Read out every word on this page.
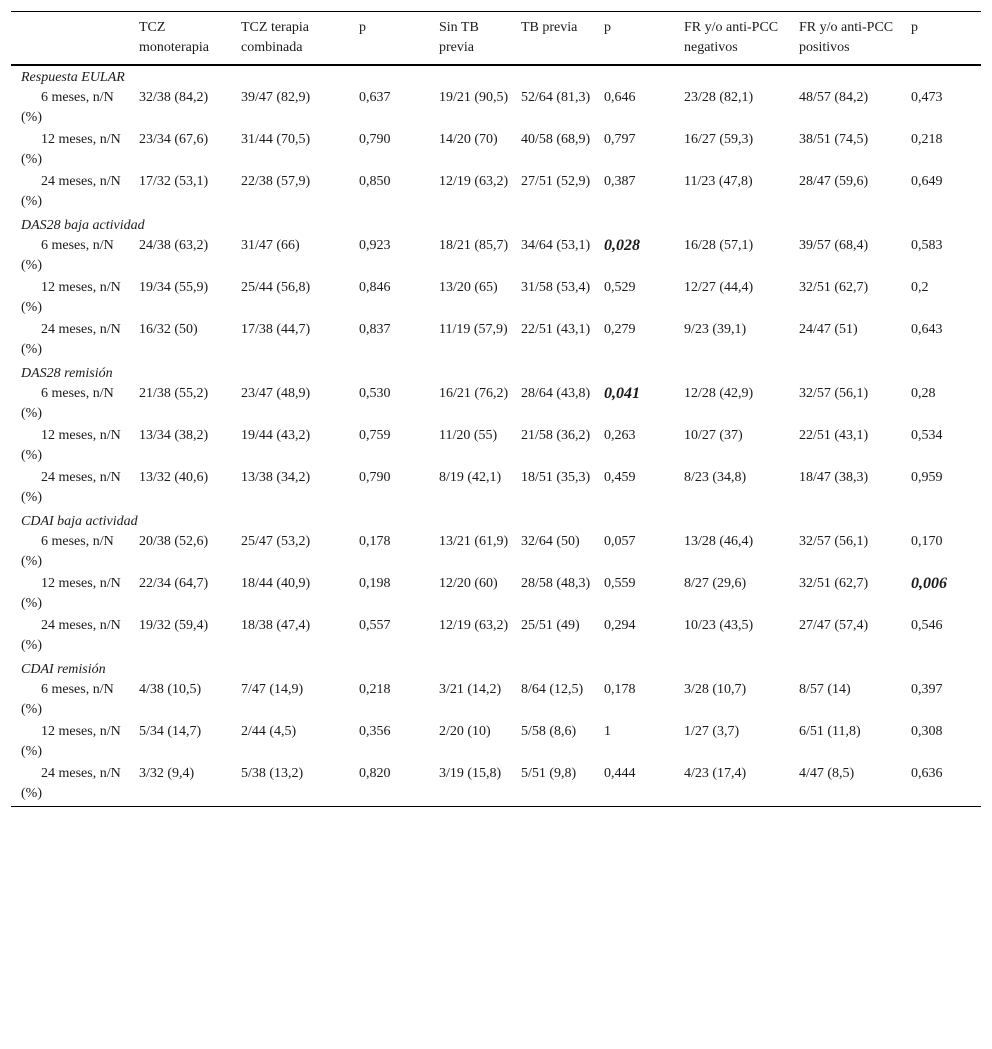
	TCZ monoterapia	TCZ terapia combinada	p	Sin TB previa	TB previa	p	FR y/o anti-PCC negativos	FR y/o anti-PCC positivos	p
Respuesta EULAR									
6 meses, n/N (%)	32/38 (84,2)	39/47 (82,9)	0,637	19/21 (90,5)	52/64 (81,3)	0,646	23/28 (82,1)	48/57 (84,2)	0,473
12 meses, n/N (%)	23/34 (67,6)	31/44 (70,5)	0,790	14/20 (70)	40/58 (68,9)	0,797	16/27 (59,3)	38/51 (74,5)	0,218
24 meses, n/N (%)	17/32 (53,1)	22/38 (57,9)	0,850	12/19 (63,2)	27/51 (52,9)	0,387	11/23 (47,8)	28/47 (59,6)	0,649
DAS28 baja actividad									
6 meses, n/N (%)	24/38 (63,2)	31/47 (66)	0,923	18/21 (85,7)	34/64 (53,1)	0,028	16/28 (57,1)	39/57 (68,4)	0,583
12 meses, n/N (%)	19/34 (55,9)	25/44 (56,8)	0,846	13/20 (65)	31/58 (53,4)	0,529	12/27 (44,4)	32/51 (62,7)	0,2
24 meses, n/N (%)	16/32 (50)	17/38 (44,7)	0,837	11/19 (57,9)	22/51 (43,1)	0,279	9/23 (39,1)	24/47 (51)	0,643
DAS28 remisión									
6 meses, n/N (%)	21/38 (55,2)	23/47 (48,9)	0,530	16/21 (76,2)	28/64 (43,8)	0,041	12/28 (42,9)	32/57 (56,1)	0,28
12 meses, n/N (%)	13/34 (38,2)	19/44 (43,2)	0,759	11/20 (55)	21/58 (36,2)	0,263	10/27 (37)	22/51 (43,1)	0,534
24 meses, n/N (%)	13/32 (40,6)	13/38 (34,2)	0,790	8/19 (42,1)	18/51 (35,3)	0,459	8/23 (34,8)	18/47 (38,3)	0,959
CDAI baja actividad									
6 meses, n/N (%)	20/38 (52,6)	25/47 (53,2)	0,178	13/21 (61,9)	32/64 (50)	0,057	13/28 (46,4)	32/57 (56,1)	0,170
12 meses, n/N (%)	22/34 (64,7)	18/44 (40,9)	0,198	12/20 (60)	28/58 (48,3)	0,559	8/27 (29,6)	32/51 (62,7)	0,006
24 meses, n/N (%)	19/32 (59,4)	18/38 (47,4)	0,557	12/19 (63,2)	25/51 (49)	0,294	10/23 (43,5)	27/47 (57,4)	0,546
CDAI remisión									
6 meses, n/N (%)	4/38 (10,5)	7/47 (14,9)	0,218	3/21 (14,2)	8/64 (12,5)	0,178	3/28 (10,7)	8/57 (14)	0,397
12 meses, n/N (%)	5/34 (14,7)	2/44 (4,5)	0,356	2/20 (10)	5/58 (8,6)	1	1/27 (3,7)	6/51 (11,8)	0,308
24 meses, n/N (%)	3/32 (9,4)	5/38 (13,2)	0,820	3/19 (15,8)	5/51 (9,8)	0,444	4/23 (17,4)	4/47 (8,5)	0,636
